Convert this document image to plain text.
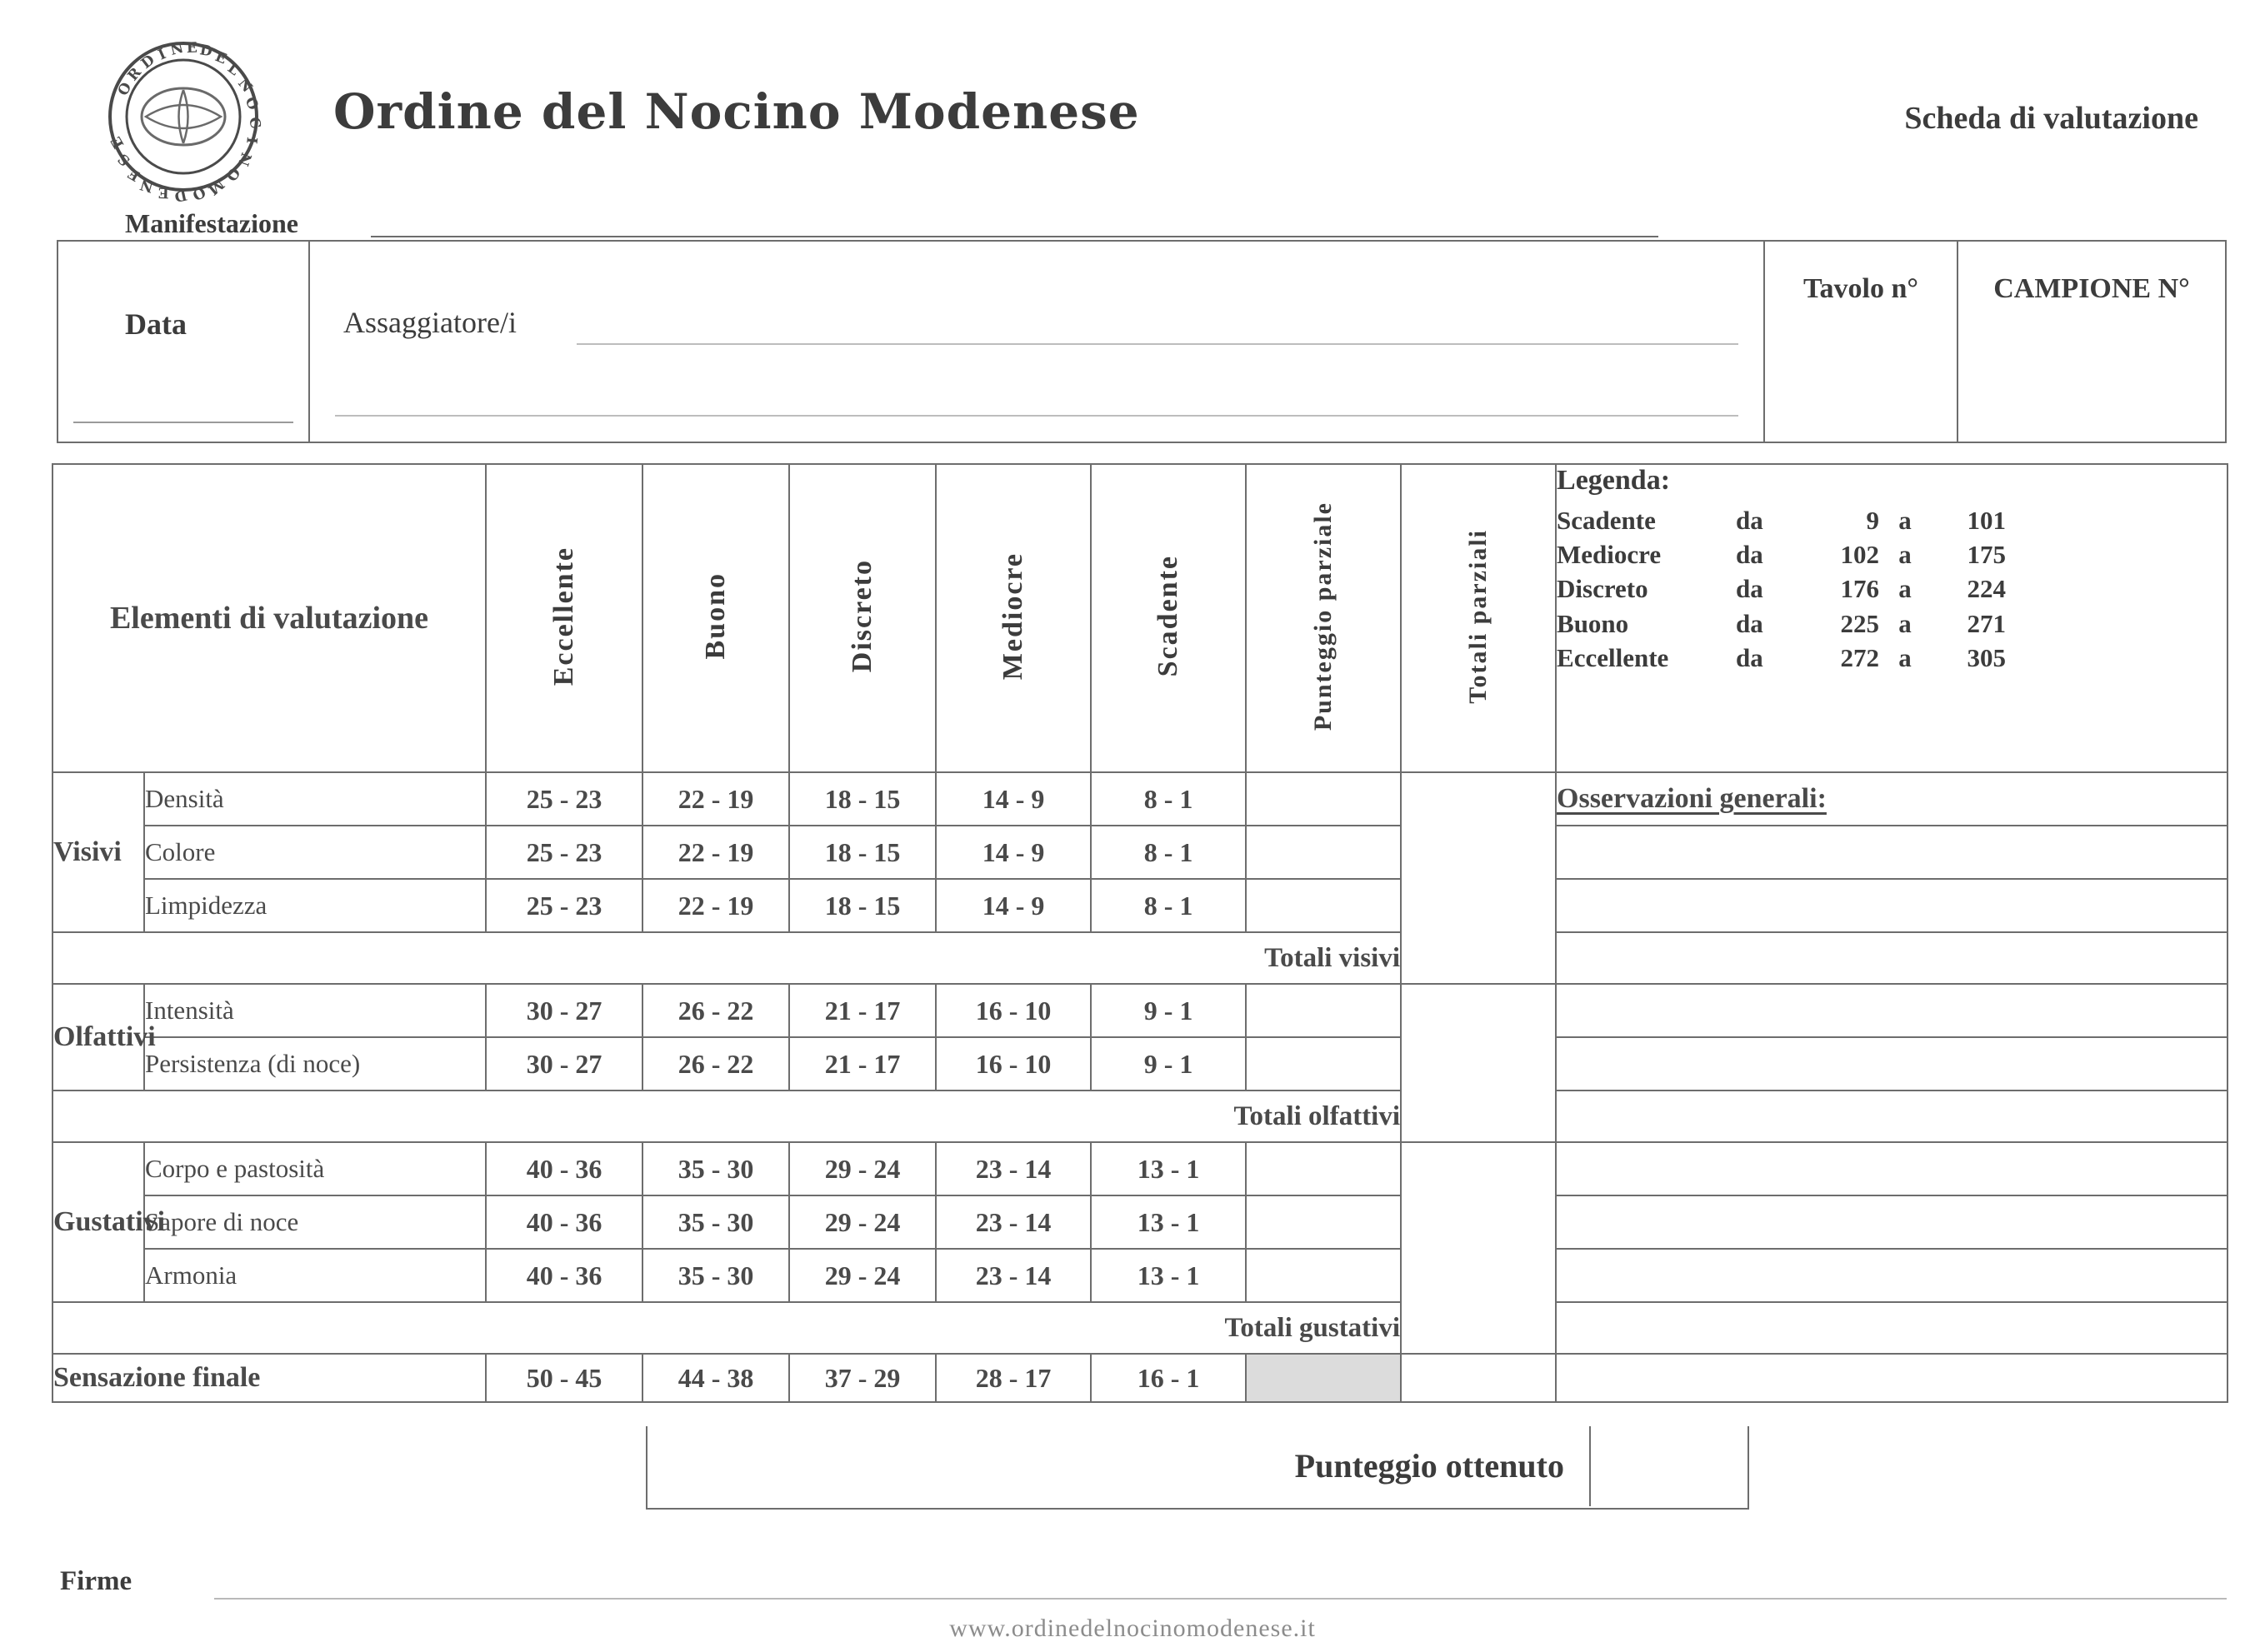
O
R
D
I N E D
E
L
N
O
C
I
N
O
M
O
D
E
N
E
S
E
Ordine del Nocino Modenese	Scheda di valutazione
Manifestazione
Data	Assaggiatore/i
Tavolo n°	CAMPIONE N°
Elementi di valutazione	Eccellente	Buono	Discreto	Mediocre	Scadente	Punteggio parziale	Totali parziali	
Legenda:
Scadente	da	9 a	101
Mediocre	da	102 a	175
Discreto	da	176 a	224
Buono	da	225 a	271
Eccellente	da	272 a	305

Visivi	Densità	25 - 23	22 - 19	18 - 15	14 - 9	8 - 1			Osservazioni generali:
	Colore	25 - 23	22 - 19	18 - 15	14 - 9	8 - 1			
	Limpidezza	25 - 23	22 - 19	18 - 15	14 - 9	8 - 1			
Totali visivi									
Olfattivi	Intensità	30 - 27	26 - 22	21 - 17	16 - 10	9 - 1			
	Persistenza (di noce)	30 - 27	26 - 22	21 - 17	16 - 10	9 - 1			
Totali olfattivi									
Gustativi	Corpo e pastosità	40 - 36	35 - 30	29 - 24	23 - 14	13 - 1			
	Sapore di noce	40 - 36	35 - 30	29 - 24	23 - 14	13 - 1			
	Armonia	40 - 36	35 - 30	29 - 24	23 - 14	13 - 1			
Totali gustativi									
Sensazione finale		50 - 45	44 - 38	37 - 29	28 - 17	16 - 1			
Punteggio ottenuto
Firme
www.ordinedelnocinomodenese.it
